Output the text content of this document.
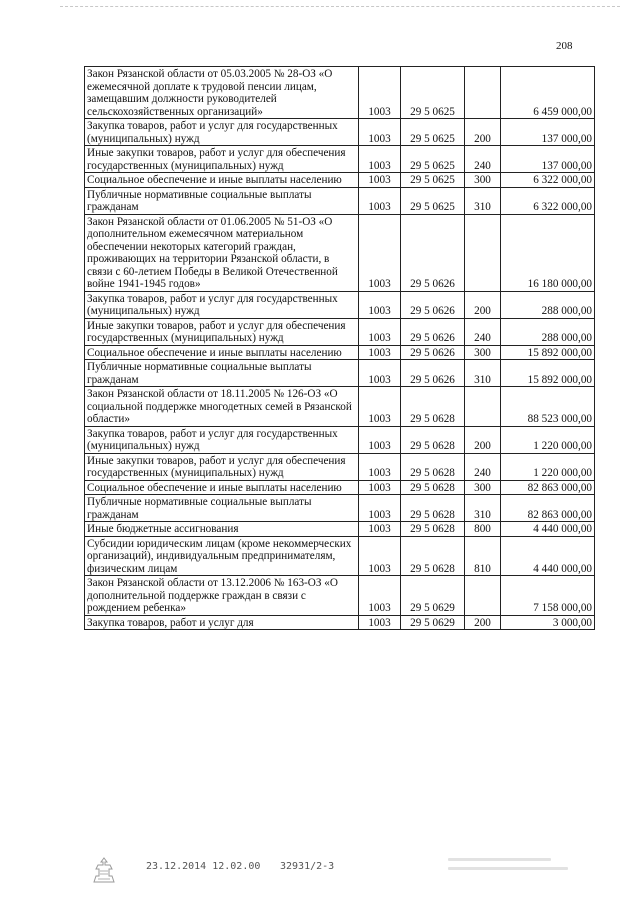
208
Закон Рязанской области от 05.03.2005 № 28-ОЗ «О ежемесячной доплате к трудовой пенсии лицам, замещавшим должности руководителей сельскохозяйственных организаций»	1003	29 5 0625		6 459 000,00
Закупка товаров, работ и услуг для государственных (муниципальных) нужд	1003	29 5 0625	200	137 000,00
Иные закупки товаров, работ и услуг для обеспечения государственных (муниципальных) нужд	1003	29 5 0625	240	137 000,00
Социальное обеспечение и иные выплаты населению	1003	29 5 0625	300	6 322 000,00
Публичные нормативные социальные выплаты гражданам	1003	29 5 0625	310	6 322 000,00
Закон Рязанской области от 01.06.2005 № 51-ОЗ «О дополнительном ежемесячном материальном обеспечении некоторых категорий граждан, проживающих на территории Рязанской области, в связи с 60-летием Победы в Великой Отечественной войне 1941-1945 годов»	1003	29 5 0626		16 180 000,00
Закупка товаров, работ и услуг для государственных (муниципальных) нужд	1003	29 5 0626	200	288 000,00
Иные закупки товаров, работ и услуг для обеспечения государственных (муниципальных) нужд	1003	29 5 0626	240	288 000,00
Социальное обеспечение и иные выплаты населению	1003	29 5 0626	300	15 892 000,00
Публичные нормативные социальные выплаты гражданам	1003	29 5 0626	310	15 892 000,00
Закон Рязанской области от 18.11.2005 № 126-ОЗ «О социальной поддержке многодетных семей в Рязанской области»	1003	29 5 0628		88 523 000,00
Закупка товаров, работ и услуг для государственных (муниципальных) нужд	1003	29 5 0628	200	1 220 000,00
Иные закупки товаров, работ и услуг для обеспечения государственных (муниципальных) нужд	1003	29 5 0628	240	1 220 000,00
Социальное обеспечение и иные выплаты населению	1003	29 5 0628	300	82 863 000,00
Публичные нормативные социальные выплаты гражданам	1003	29 5 0628	310	82 863 000,00
Иные бюджетные ассигнования	1003	29 5 0628	800	4 440 000,00
Субсидии юридическим лицам (кроме некоммерческих организаций), индивидуальным предпринимателям, физическим лицам	1003	29 5 0628	810	4 440 000,00
Закон Рязанской области от 13.12.2006 № 163-ОЗ «О дополнительной поддержке граждан в связи с рождением ребенка»	1003	29 5 0629		7 158 000,00
Закупка товаров, работ и услуг для	1003	29 5 0629	200	3 000,00
23.12.2014 12.02.00 32931/2-3
